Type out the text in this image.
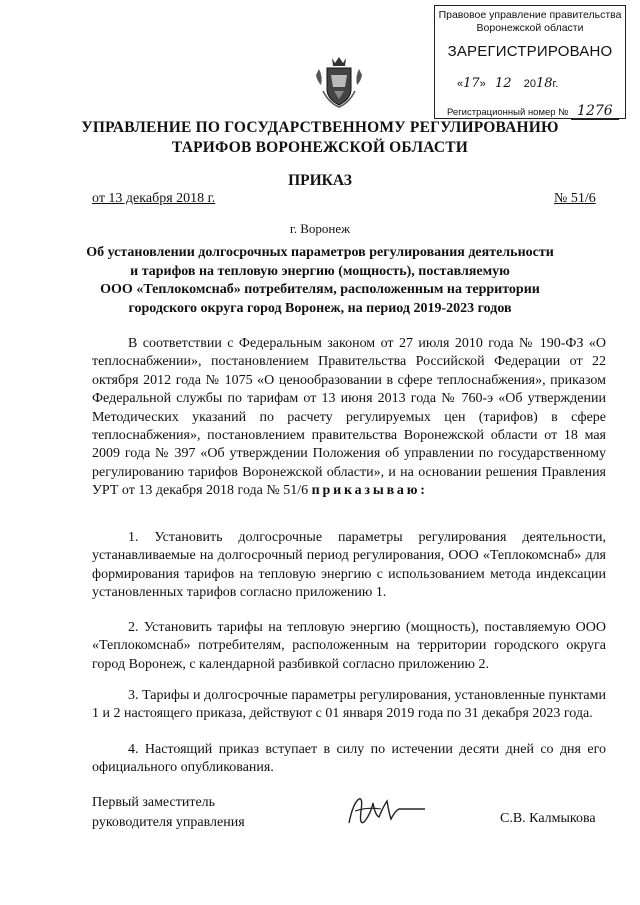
Правовое управление правительства
Воронежской области
ЗАРЕГИСТРИРОВАНО
«17»   12 2018г.
Регистрационный номер № 1276
УПРАВЛЕНИЕ ПО ГОСУДАРСТВЕННОМУ РЕГУЛИРОВАНИЮ
ТАРИФОВ ВОРОНЕЖСКОЙ ОБЛАСТИ
ПРИКАЗ
от 13 декабря 2018 г.	№ 51/6
г. Воронеж
Об установлении долгосрочных параметров регулирования деятельности
и тарифов на тепловую энергию (мощность), поставляемую
ООО «Теплокомснаб» потребителям, расположенным на территории
городского округа город Воронеж, на период 2019-2023 годов

В соответствии с Федеральным законом от 27 июля 2010 года № 190-ФЗ «О теплоснабжении», постановлением Правительства Российской Федерации от 22 октября 2012 года № 1075 «О ценообразовании в сфере теплоснабжения», приказом Федеральной службы по тарифам от 13 июня 2013 года № 760-э «Об утверждении Методических указаний по расчету регулируемых цен (тарифов) в сфере теплоснабжения», постановлением правительства Воронежской области от 18 мая 2009 года № 397 «Об утверждении Положения об управлении по государственному регулированию тарифов Воронежской области», и на основании решения Правления УРТ от 13 декабря 2018 года № 51/6 приказываю:

1. Установить долгосрочные параметры регулирования деятельности, устанавливаемые на долгосрочный период регулирования, ООО «Теплокомснаб» для формирования тарифов на тепловую энергию с использованием метода индексации установленных тарифов согласно приложению 1.

2. Установить тарифы на тепловую энергию (мощность), поставляемую ООО «Теплокомснаб» потребителям, расположенным на территории городского округа город Воронеж, с календарной разбивкой согласно приложению 2.

3. Тарифы и долгосрочные параметры регулирования, установленные пунктами 1 и 2 настоящего приказа, действуют с 01 января 2019 года по 31 декабря 2023 года.

4. Настоящий приказ вступает в силу по истечении десяти дней со дня его официального опубликования.

Первый заместитель
руководителя управления	С.В. Калмыкова
